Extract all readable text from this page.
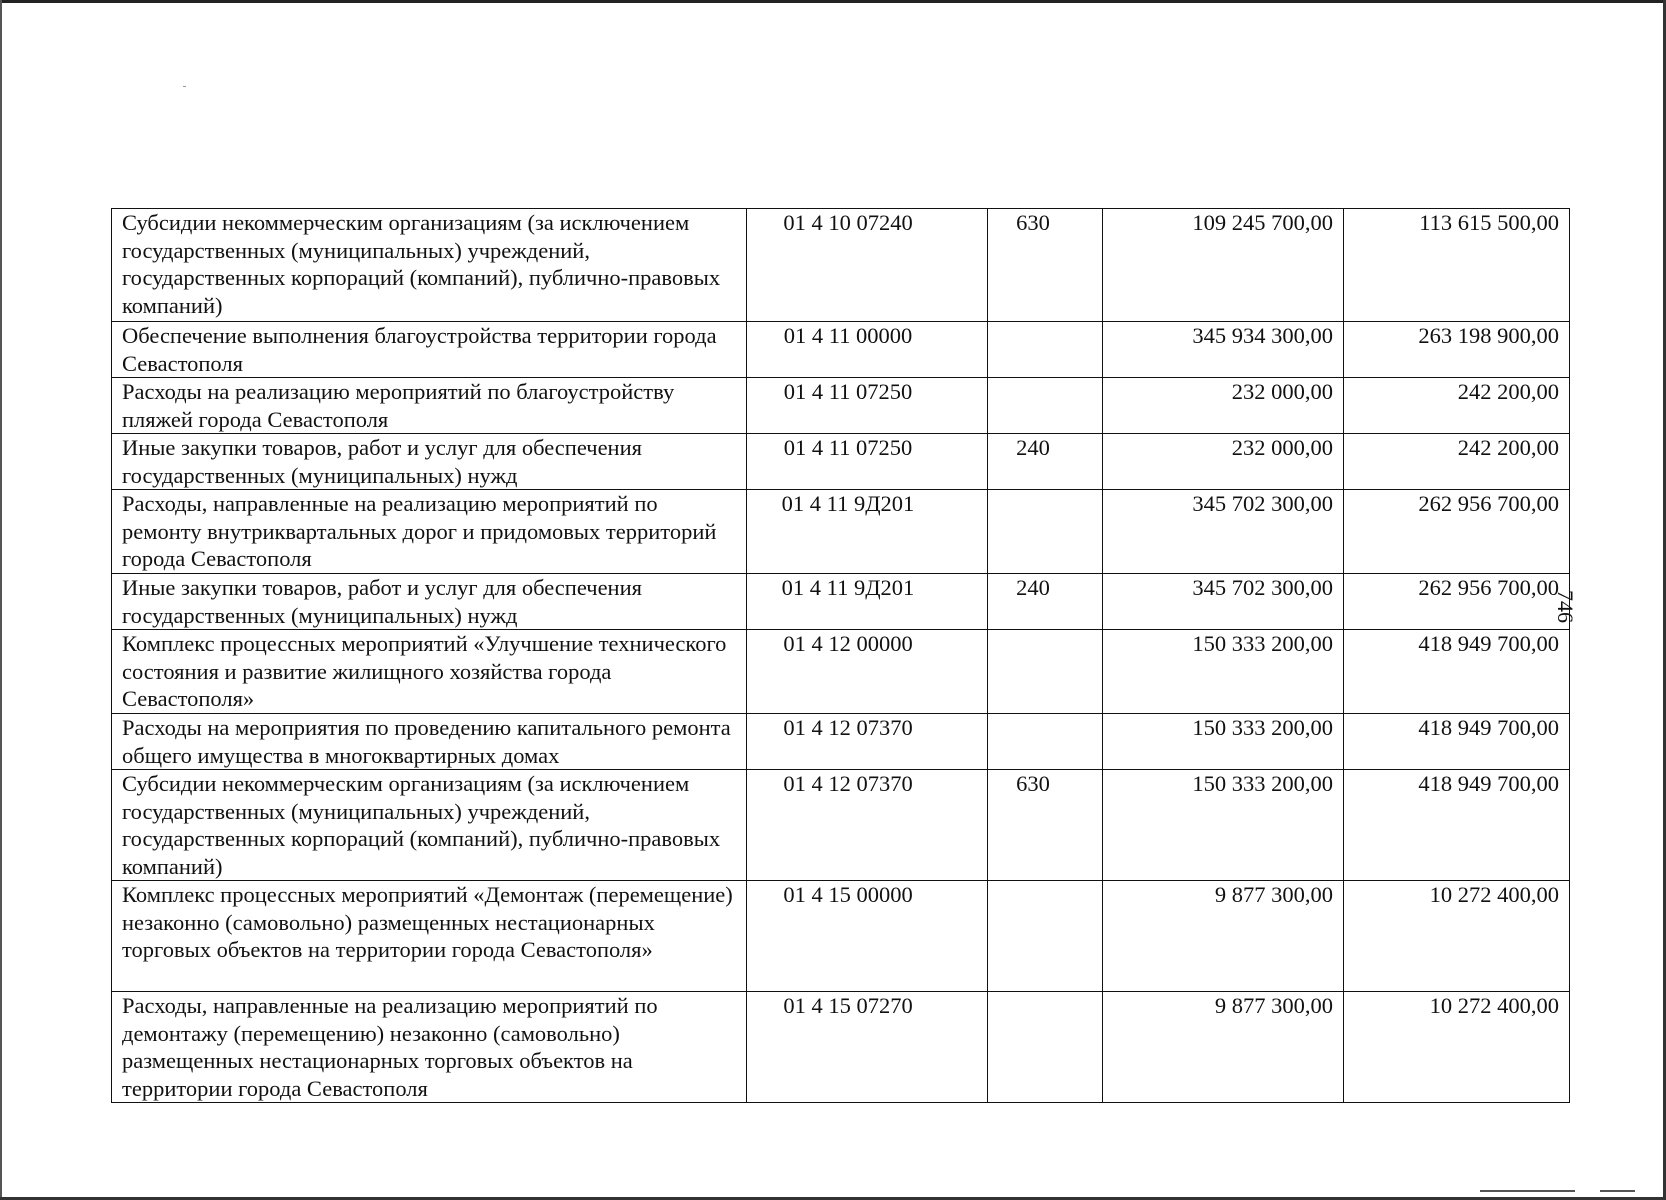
Субсидии некоммерческим организациям (за исключением государственных (муниципальных) учреждений, государственных корпораций (компаний), публично-правовых компаний)	01 4 10 07240	630	109 245 700,00	113 615 500,00
Обеспечение выполнения благоустройства территории города Севастополя	01 4 11 00000		345 934 300,00	263 198 900,00
Расходы на реализацию мероприятий по благоустройству пляжей города Севастополя	01 4 11 07250		232 000,00	242 200,00
Иные закупки товаров, работ и услуг для обеспечения государственных (муниципальных) нужд	01 4 11 07250	240	232 000,00	242 200,00
Расходы, направленные на реализацию мероприятий по ремонту внутриквартальных дорог и придомовых территорий города Севастополя	01 4 11 9Д201		345 702 300,00	262 956 700,00
Иные закупки товаров, работ и услуг для обеспечения государственных (муниципальных) нужд	01 4 11 9Д201	240	345 702 300,00	262 956 700,00
Комплекс процессных мероприятий «Улучшение технического состояния и развитие жилищного хозяйства города Севастополя»	01 4 12 00000		150 333 200,00	418 949 700,00
Расходы на мероприятия по проведению капитального ремонта общего имущества в многоквартирных домах	01 4 12 07370		150 333 200,00	418 949 700,00
Субсидии некоммерческим организациям (за исключением государственных (муниципальных) учреждений, государственных корпораций (компаний), публично-правовых компаний)	01 4 12 07370	630	150 333 200,00	418 949 700,00
Комплекс процессных мероприятий «Демонтаж (перемещение) незаконно (самовольно) размещенных нестационарных торговых объектов на территории города Севастополя»	01 4 15 00000		9 877 300,00	10 272 400,00
Расходы, направленные на реализацию мероприятий по демонтажу (перемещению) незаконно (самовольно) размещенных нестационарных торговых объектов на территории города Севастополя	01 4 15 07270		9 877 300,00	10 272 400,00
746
